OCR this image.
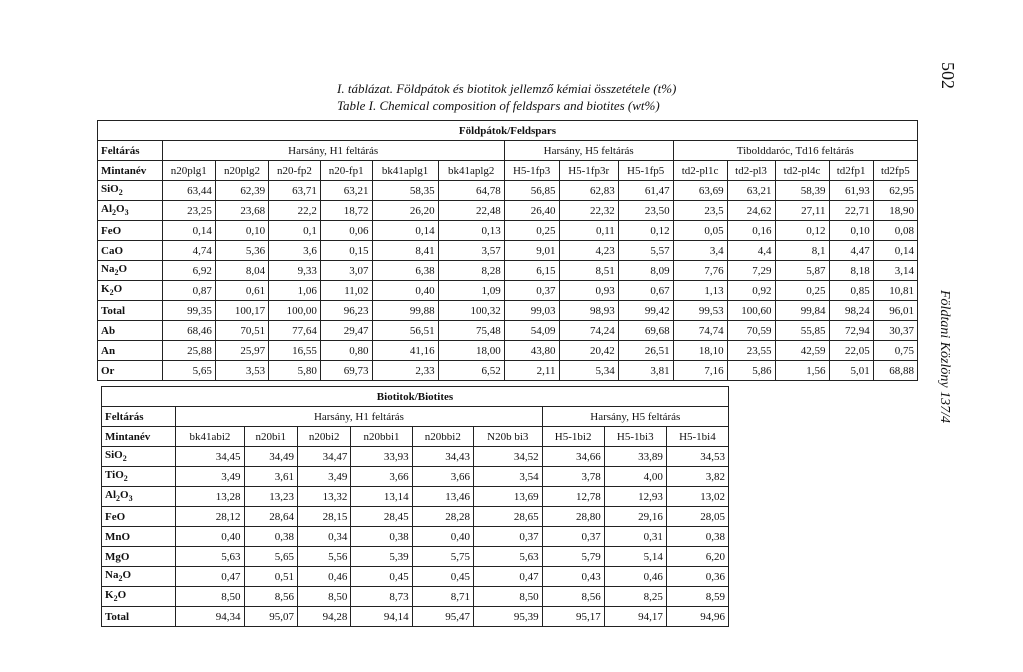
I. táblázat. Földpátok és biotitok jellemző kémiai összetétele (t%)
Table I. Chemical composition of feldspars and biotites (wt%)
502
Földtani Közlöny 137/4
Földpátok/Feldspars														
Feltárás	Harsány, H1 feltárás						Harsány, H5 feltárás			Tibolddaróc, Td16 feltárás				
Mintanév	n20plg1	n20plg2	n20-fp2	n20-fp1	bk41aplg1	bk41aplg2	H5-1fp3	H5-1fp3r	H5-1fp5	td2-pl1c	td2-pl3	td2-pl4c	td2fp1	td2fp5
SiO$_2$	63,44	62,39	63,71	63,21	58,35	64,78	56,85	62,83	61,47	63,69	63,21	58,39	61,93	62,95
$Al_2O_3$	23,25	23,68	22,2	18,72	26,20	22,48	26,40	22,32	23,50	23,5	24,62	27,11	22,71	18,90
FeO	0,14	0,10	0,1	0,06	0,14	0,13	0,25	0,11	0,12	0,05	0,16	0,12	0,10	0,08
CaO	4,74	5,36	3,6	0,15	8,41	3,57	9,01	4,23	5,57	3,4	4,4	8,1	4,47	0,14
$Na_2O$	6,92	8,04	9,33	3,07	6,38	8,28	6,15	8,51	8,09	7,76	7,29	5,87	8,18	3,14
$K_2O$	0,87	0,61	1,06	11,02	0,40	1,09	0,37	0,93	0,67	1,13	0,92	0,25	0,85	10,81
Total	99,35	100,17	100,00	96,23	99,88	100,32	99,03	98,93	99,42	99,53	100,60	99,84	98,24	96,01
Ab	68,46	70,51	77,64	29,47	56,51	75,48	54,09	74,24	69,68	74,74	70,59	55,85	72,94	30,37
An	25,88	25,97	16,55	0,80	41,16	18,00	43,80	20,42	26,51	18,10	23,55	42,59	22,05	0,75
Or	5,65	3,53	5,80	69,73	2,33	6,52	2,11	5,34	3,81	7,16	5,86	1,56	5,01	68,88
Biotitok/Biotites									
Feltárás	Harsány, H1 feltárás						Harsány, H5 feltárás		
Mintanév	bk41abi2	n20bi1	n20bi2	n20bbi1	n20bbi2	N20b bi3	H5-1bi2	H5-1bi3	H5-1bi4
SiO$_2$	34,45	34,49	34,47	33,93	34,43	34,52	34,66	33,89	34,53
TiO$_2$	3,49	3,61	3,49	3,66	3,66	3,54	3,78	4,00	3,82
$Al_2O_3$	13,28	13,23	13,32	13,14	13,46	13,69	12,78	12,93	13,02
FeO	28,12	28,64	28,15	28,45	28,28	28,65	28,80	29,16	28,05
MnO	0,40	0,38	0,34	0,38	0,40	0,37	0,37	0,31	0,38
MgO	5,63	5,65	5,56	5,39	5,75	5,63	5,79	5,14	6,20
$Na_2O$	0,47	0,51	0,46	0,45	0,45	0,47	0,43	0,46	0,36
$K_2O$	8,50	8,56	8,50	8,73	8,71	8,50	8,56	8,25	8,59
Total	94,34	95,07	94,28	94,14	95,47	95,39	95,17	94,17	94,96
